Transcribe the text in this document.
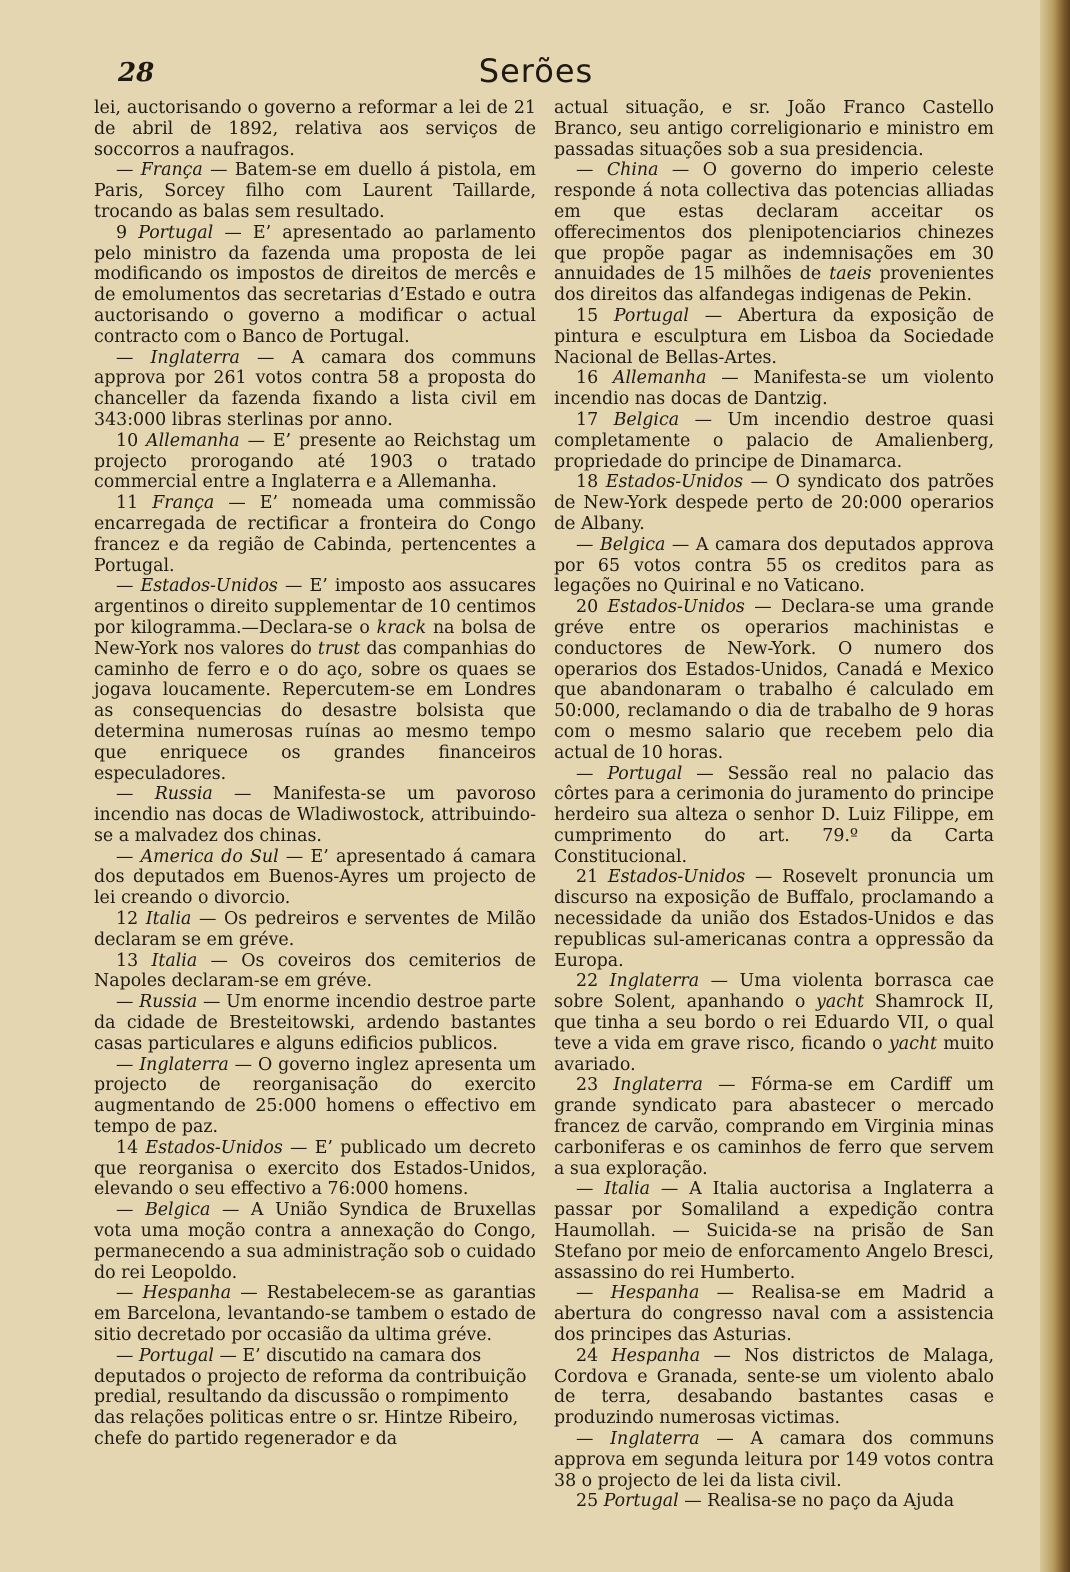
28	Serões

lei, auctorisando o governo a reformar a lei de 21 de abril de 1892, relativa aos serviços de soccorros a naufragos.

— França — Batem-se em duello á pistola, em Paris, Sorcey filho com Laurent Taillarde, trocando as balas sem resultado.

9 Portugal — E’ apresentado ao parlamento pelo ministro da fazenda uma proposta de lei modificando os impostos de direitos de mercês e de emolumentos das secretarias d’Estado e outra auctorisando o governo a modificar o actual contracto com o Banco de Portugal.

— Inglaterra — A camara dos communs approva por 261 votos contra 58 a proposta do chanceller da fazenda fixando a lista civil em 343:000 libras sterlinas por anno.

10 Allemanha — E’ presente ao Reichstag um projecto prorogando até 1903 o tratado commercial entre a Inglaterra e a Allemanha.

11 França — E’ nomeada uma commissão encarregada de rectificar a fronteira do Congo francez e da região de Cabinda, pertencentes a Portugal.

— Estados-Unidos — E’ imposto aos assucares argentinos o direito supplementar de 10 centimos por kilogramma.—Declara-se o krack na bolsa de New-York nos valores do trust das companhias do caminho de ferro e o do aço, sobre os quaes se jogava loucamente. Repercutem-se em Londres as consequencias do desastre bolsista que determina numerosas ruínas ao mesmo tempo que enriquece os grandes financeiros especuladores.

— Russia — Manifesta-se um pavoroso incendio nas docas de Wladiwostock, attribuindo-se a malvadez dos chinas.

— America do Sul — E’ apresentado á camara dos deputados em Buenos-Ayres um projecto de lei creando o divorcio.

12 Italia — Os pedreiros e serventes de Milão declaram se em gréve.

13 Italia — Os coveiros dos cemiterios de Napoles declaram-se em gréve.

— Russia — Um enorme incendio destroe parte da cidade de Bresteitowski, ardendo bastantes casas particulares e alguns edificios publicos.

— Inglaterra — O governo inglez apresenta um projecto de reorganisação do exercito augmentando de 25:000 homens o effectivo em tempo de paz.

14 Estados-Unidos — E’ publicado um decreto que reorganisa o exercito dos Estados-Unidos, elevando o seu effectivo a 76:000 homens.

— Belgica — A União Syndica de Bruxellas vota uma moção contra a annexação do Congo, permanecendo a sua administração sob o cuidado do rei Leopoldo.

— Hespanha — Restabelecem-se as garantias em Barcelona, levantando-se tambem o estado de sitio decretado por occasião da ultima gréve.

— Portugal — E’ discutido na camara dos deputados o projecto de reforma da contribuição predial, resultando da discussão o rompimento das relações politicas entre o sr. Hintze Ribeiro, chefe do partido regenerador e da

actual situação, e sr. João Franco Castello Branco, seu antigo correligionario e ministro em passadas situações sob a sua presidencia.

— China — O governo do imperio celeste responde á nota collectiva das potencias alliadas em que estas declaram acceitar os offerecimentos dos plenipotenciarios chinezes que propõe pagar as indemnisações em 30 annuidades de 15 milhões de taeis provenientes dos direitos das alfandegas indigenas de Pekin.

15 Portugal — Abertura da exposição de pintura e esculptura em Lisboa da Sociedade Nacional de Bellas-Artes.

16 Allemanha — Manifesta-se um violento incendio nas docas de Dantzig.

17 Belgica — Um incendio destroe quasi completamente o palacio de Amalienberg, propriedade do principe de Dinamarca.

18 Estados-Unidos — O syndicato dos patrões de New-York despede perto de 20:000 operarios de Albany.

— Belgica — A camara dos deputados approva por 65 votos contra 55 os creditos para as legações no Quirinal e no Vaticano.

20 Estados-Unidos — Declara-se uma grande gréve entre os operarios machinistas e conductores de New-York. O numero dos operarios dos Estados-Unidos, Canadá e Mexico que abandonaram o trabalho é calculado em 50:000, reclamando o dia de trabalho de 9 horas com o mesmo salario que recebem pelo dia actual de 10 horas.

— Portugal — Sessão real no palacio das côrtes para a cerimonia do juramento do principe herdeiro sua alteza o senhor D. Luiz Filippe, em cumprimento do art. 79.º da Carta Constitucional.

21 Estados-Unidos — Rosevelt pronuncia um discurso na exposição de Buffalo, proclamando a necessidade da união dos Estados-Unidos e das republicas sul-americanas contra a oppressão da Europa.

22 Inglaterra — Uma violenta borrasca cae sobre Solent, apanhando o yacht Shamrock II, que tinha a seu bordo o rei Eduardo VII, o qual teve a vida em grave risco, ficando o yacht muito avariado.

23 Inglaterra — Fórma-se em Cardiff um grande syndicato para abastecer o mercado francez de carvão, comprando em Virginia minas carboniferas e os caminhos de ferro que servem a sua exploração.

— Italia — A Italia auctorisa a Inglaterra a passar por Somaliland a expedição contra Haumollah. — Suicida-se na prisão de San Stefano por meio de enforcamento Angelo Bresci, assassino do rei Humberto.

— Hespanha — Realisa-se em Madrid a abertura do congresso naval com a assistencia dos principes das Asturias.

24 Hespanha — Nos districtos de Malaga, Cordova e Granada, sente-se um violento abalo de terra, desabando bastantes casas e produzindo numerosas victimas.

— Inglaterra — A camara dos communs approva em segunda leitura por 149 votos contra 38 o projecto de lei da lista civil.

25 Portugal — Realisa-se no paço da Ajuda
